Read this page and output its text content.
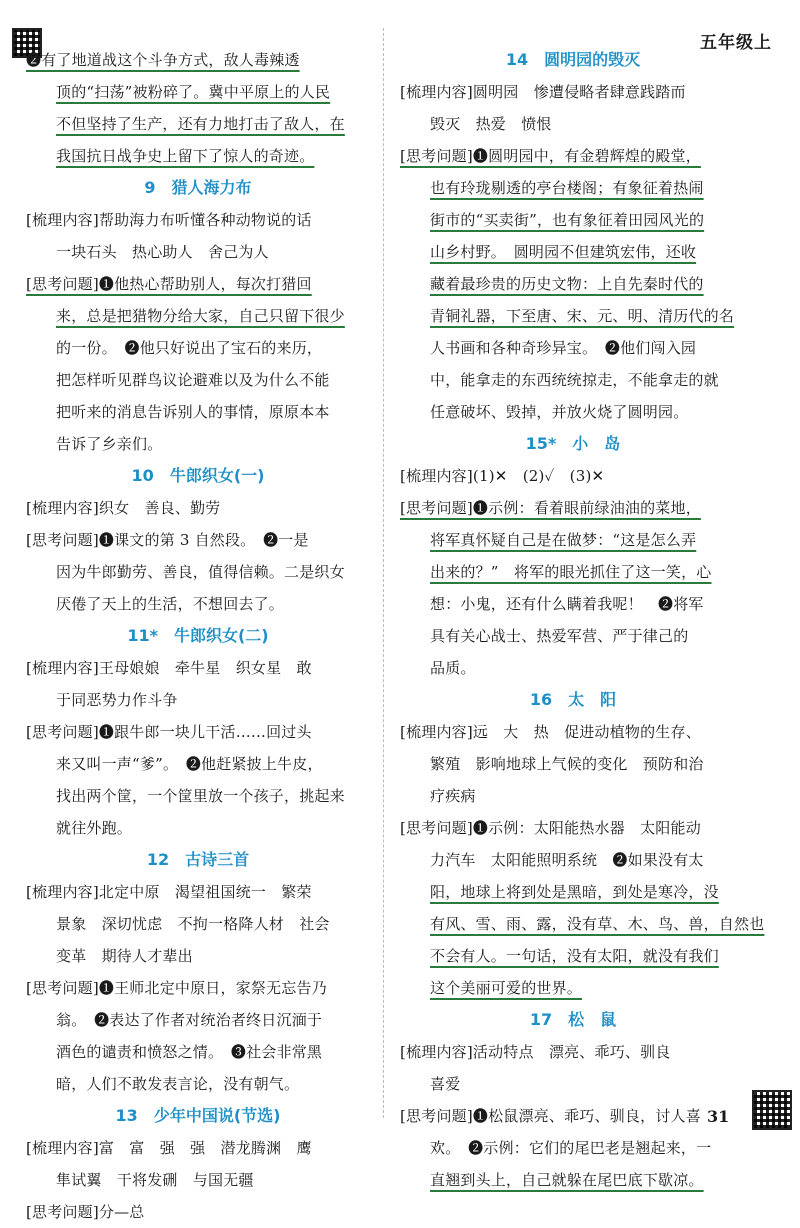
五年级上
❷有了地道战这个斗争方式，敌人毒辣透
顶的“扫荡”被粉碎了。冀中平原上的人民
不但坚持了生产，还有力地打击了敌人，在
我国抗日战争史上留下了惊人的奇迹。
9　猎人海力布
[梳理内容]帮助海力布听懂各种动物说的话
一块石头　热心助人　舍己为人
[思考问题]❶他热心帮助别人，每次打猎回
来，总是把猎物分给大家，自己只留下很少
的一份。　❷他只好说出了宝石的来历，
把怎样听见群鸟议论避难以及为什么不能
把听来的消息告诉别人的事情，原原本本
告诉了乡亲们。
10　牛郎织女(一)
[梳理内容]织女　善良、勤劳
[思考问题]❶课文的第 3 自然段。　❷一是
因为牛郎勤劳、善良，值得信赖。二是织女
厌倦了天上的生活，不想回去了。
11*　牛郎织女(二)
[梳理内容]王母娘娘　牵牛星　织女星　敢
于同恶势力作斗争
[思考问题]❶跟牛郎一块儿干活……回过头
来又叫一声“爹”。　❷他赶紧披上牛皮，
找出两个筐，一个筐里放一个孩子，挑起来
就往外跑。
12　古诗三首
[梳理内容]北定中原　渴望祖国统一　繁荣
景象　深切忧虑　不拘一格降人材　社会
变革　期待人才辈出
[思考问题]❶王师北定中原日，家祭无忘告乃
翁。　❷表达了作者对统治者终日沉湎于
酒色的谴责和愤怒之情。　❸社会非常黑
暗，人们不敢发表言论，没有朝气。
13　少年中国说(节选)
[梳理内容]富　富　强　强　潜龙腾渊　鹰
隼试翼　干将发硎　与国无疆
[思考问题]分—总
14　圆明园的毁灭
[梳理内容]圆明园　惨遭侵略者肆意践踏而
毁灭　热爱　愤恨
[思考问题]❶圆明园中，有金碧辉煌的殿堂，
也有玲珑剔透的亭台楼阁；有象征着热闹
街市的“买卖街”，也有象征着田园风光的
山乡村野。　圆明园不但建筑宏伟，还收
藏着最珍贵的历史文物：上自先秦时代的
青铜礼器，下至唐、宋、元、明、清历代的名
人书画和各种奇珍异宝。　❷他们闯入园
中，能拿走的东西统统掠走，不能拿走的就
任意破坏、毁掉，并放火烧了圆明园。
15*　小　岛
[梳理内容](1)✕　(2)✓　(3)✕
[思考问题]❶示例：看着眼前绿油油的菜地，
将军真怀疑自己是在做梦：“这是怎么弄
出来的？”　将军的眼光抓住了这一笑，心
想：小鬼，还有什么瞒着我呢！　❷将军
具有关心战士、热爱军营、严于律己的
品质。
16　太　阳
[梳理内容]远　大　热　促进动植物的生存、
繁殖　影响地球上气候的变化　预防和治
疗疾病
[思考问题]❶示例：太阳能热水器　太阳能动
力汽车　太阳能照明系统　❷如果没有太
阳，地球上将到处是黑暗，到处是寒冷，没
有风、雪、雨、露，没有草、木、鸟、兽，自然也
不会有人。一句话，没有太阳，就没有我们
这个美丽可爱的世界。
17　松　鼠
[梳理内容]活动特点　漂亮、乖巧、驯良
喜爱
[思考问题]❶松鼠漂亮、乖巧、驯良，讨人喜
欢。　❷示例：它们的尾巴老是翘起来，一
直翘到头上，自己就躲在尾巴底下歇凉。
31
